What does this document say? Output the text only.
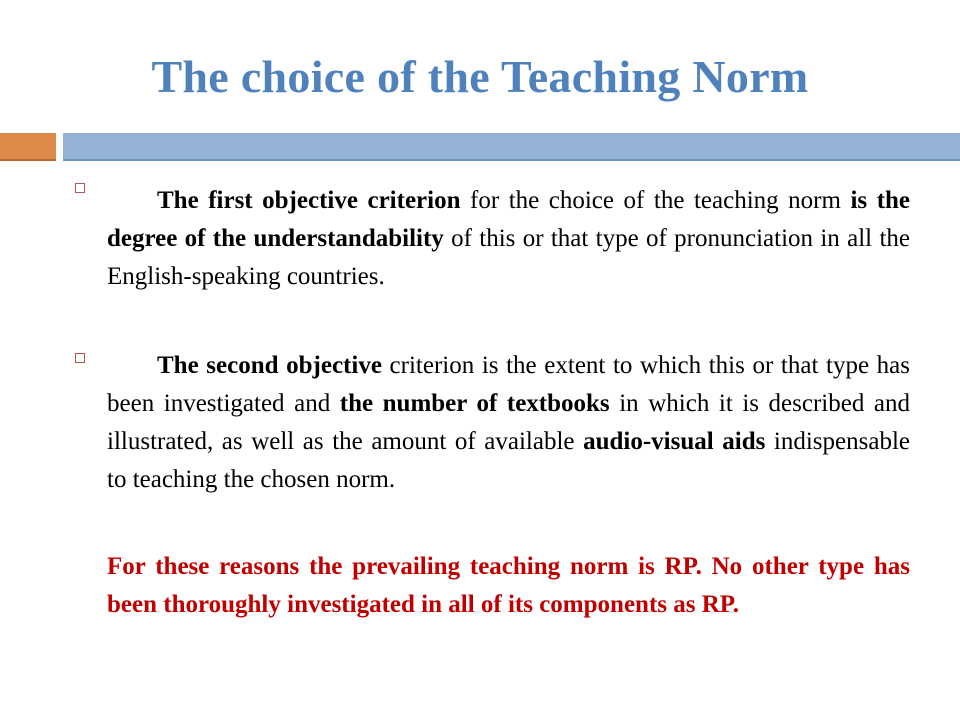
The choice of the Teaching Norm
The first objective criterion for the choice of the teaching norm is the degree of the understandability of this or that type of pronunciation in all the English-speaking countries.
The second objective criterion is the extent to which this or that type has been investigated and the number of textbooks in which it is described and illustrated, as well as the amount of available audio-visual aids indispensable to teaching the chosen norm.
For these reasons the prevailing teaching norm is RP. No other type has been thoroughly investigated in all of its components as RP.
